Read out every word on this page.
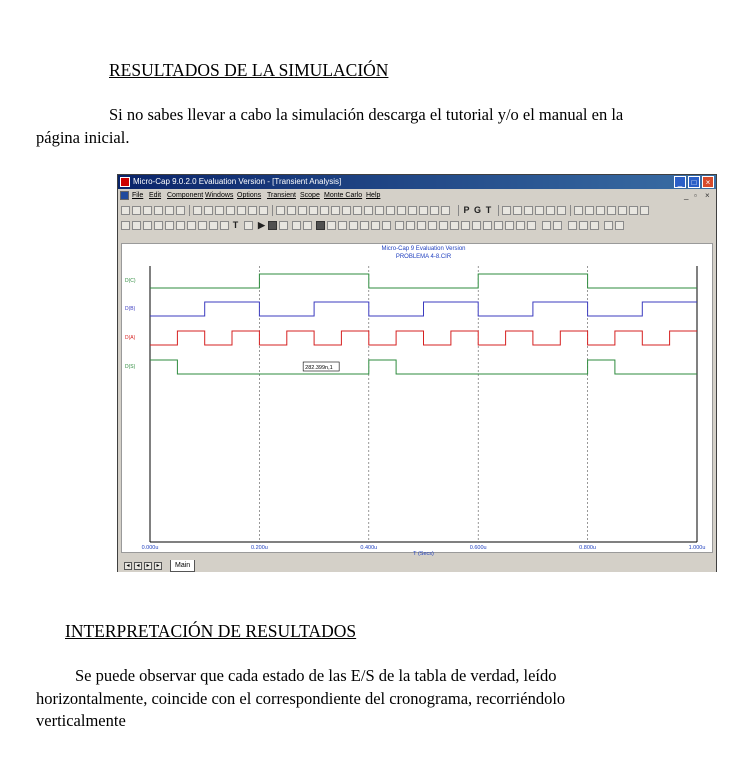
RESULTADOS DE LA SIMULACIÓN
Si no sabes llevar a cabo la simulación descarga el tutorial y/o el manual en la
página inicial.
Micro-Cap 9.0.2.0 Evaluation Version - [Transient Analysis]	_	□	×
File Edit Component Windows Options Transient Scope Monte Carlo Help	_ ▫ ×
P G T
T ▶
Micro-Cap 9 Evaluation Version
PROBLEMA 4-8.CIR
0.000u	0.200u	0.400u	0.600u	0.800u	1.000u
T (Secs)
D(C)
D(B)
D(A)
D(S)	282.399n,1
◂	◂	▸	▸	Main
INTERPRETACIÓN DE RESULTADOS
Se puede observar que cada estado de las E/S de la tabla de verdad, leído
horizontalmente, coincide con el correspondiente del cronograma, recorriéndolo
verticalmente
